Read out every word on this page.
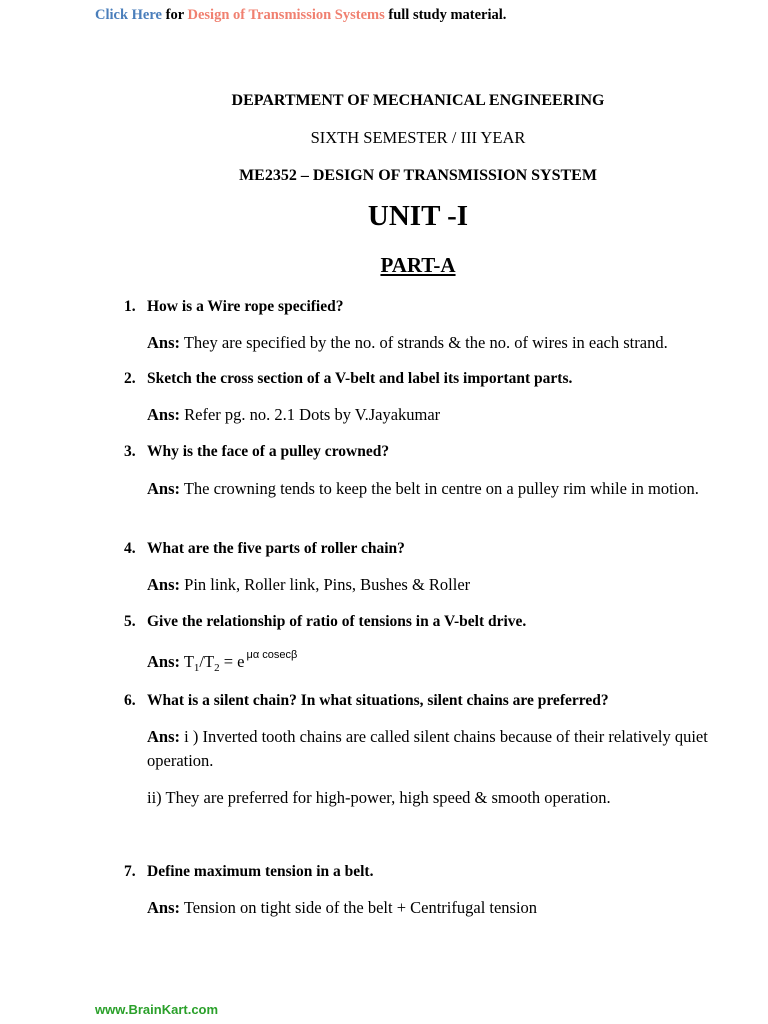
Click Here for Design of Transmission Systems full study material.
DEPARTMENT OF MECHANICAL ENGINEERING
SIXTH SEMESTER / III YEAR
ME2352 – DESIGN OF TRANSMISSION SYSTEM
UNIT -I
PART-A
1. How is a Wire rope specified?
Ans: They are specified by the no. of strands & the no. of wires in each strand.
2. Sketch the cross section of a V-belt and label its important parts.
Ans: Refer pg. no. 2.1 Dots by V.Jayakumar
3. Why is the face of a pulley crowned?
Ans: The crowning tends to keep the belt in centre on a pulley rim while in motion.
4. What are the five parts of roller chain?
Ans: Pin link, Roller link, Pins, Bushes & Roller
5. Give the relationship of ratio of tensions in a V-belt drive.
Ans: $T_1/T_2 = e$ $^{\mu\alpha cosec\beta}$
6. What is a silent chain? In what situations, silent chains are preferred?
Ans: i ) Inverted tooth chains are called silent chains because of their relatively quiet operation.
ii) They are preferred for high-power, high speed & smooth operation.
7. Define maximum tension in a belt.
Ans: Tension on tight side of the belt + Centrifugal tension
www.BrainKart.com
